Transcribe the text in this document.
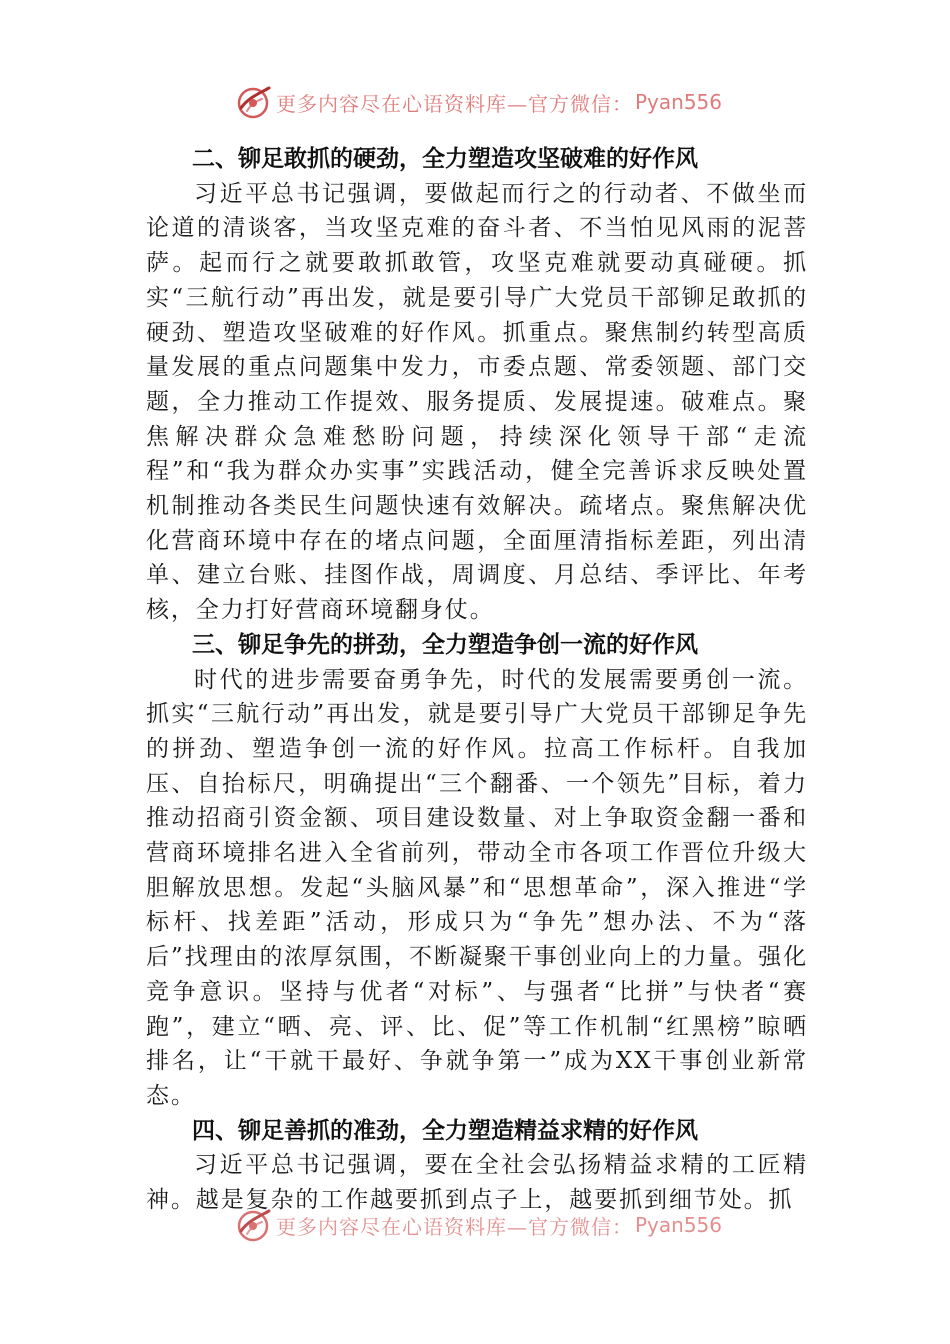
更多内容尽在心语资料库—官方微信： Pyan556
二、铆足敢抓的硬劲，全力塑造攻坚破难的好作风

习近平总书记强调，要做起而行之的行动者、不做坐而论道的清谈客，当攻坚克难的奋斗者、不当怕见风雨的泥菩萨。起而行之就要敢抓敢管，攻坚克难就要动真碰硬。抓实“三航行动”再出发，就是要引导广大党员干部铆足敢抓的硬劲、塑造攻坚破难的好作风。抓重点。聚焦制约转型高质量发展的重点问题集中发力，市委点题、常委领题、部门交题，全力推动工作提效、服务提质、发展提速。破难点。聚焦解决群众急难愁盼问题，持续深化领导干部“走流程”和“我为群众办实事”实践活动，健全完善诉求反映处置机制推动各类民生问题快速有效解决。疏堵点。聚焦解决优化营商环境中存在的堵点问题，全面厘清指标差距，列出清单、建立台账、挂图作战，周调度、月总结、季评比、年考核，全力打好营商环境翻身仗。

三、铆足争先的拼劲，全力塑造争创一流的好作风

时代的进步需要奋勇争先，时代的发展需要勇创一流。抓实“三航行动”再出发，就是要引导广大党员干部铆足争先的拼劲、塑造争创一流的好作风。拉高工作标杆。自我加压、自抬标尺，明确提出“三个翻番、一个领先”目标，着力推动招商引资金额、项目建设数量、对上争取资金翻一番和营商环境排名进入全省前列，带动全市各项工作晋位升级大胆解放思想。发起“头脑风暴”和“思想革命”，深入推进“学标杆、找差距”活动，形成只为“争先”想办法、不为“落后”找理由的浓厚氛围，不断凝聚干事创业向上的力量。强化竞争意识。坚持与优者“对标”、与强者“比拼”与快者“赛跑”，建立“晒、亮、评、比、促”等工作机制“红黑榜”晾晒排名，让“干就干最好、争就争第一”成为XX干事创业新常态。

四、铆足善抓的准劲，全力塑造精益求精的好作风

习近平总书记强调，要在全社会弘扬精益求精的工匠精神。越是复杂的工作越要抓到点子上，越要抓到细节处。抓

更多内容尽在心语资料库—官方微信： Pyan556
